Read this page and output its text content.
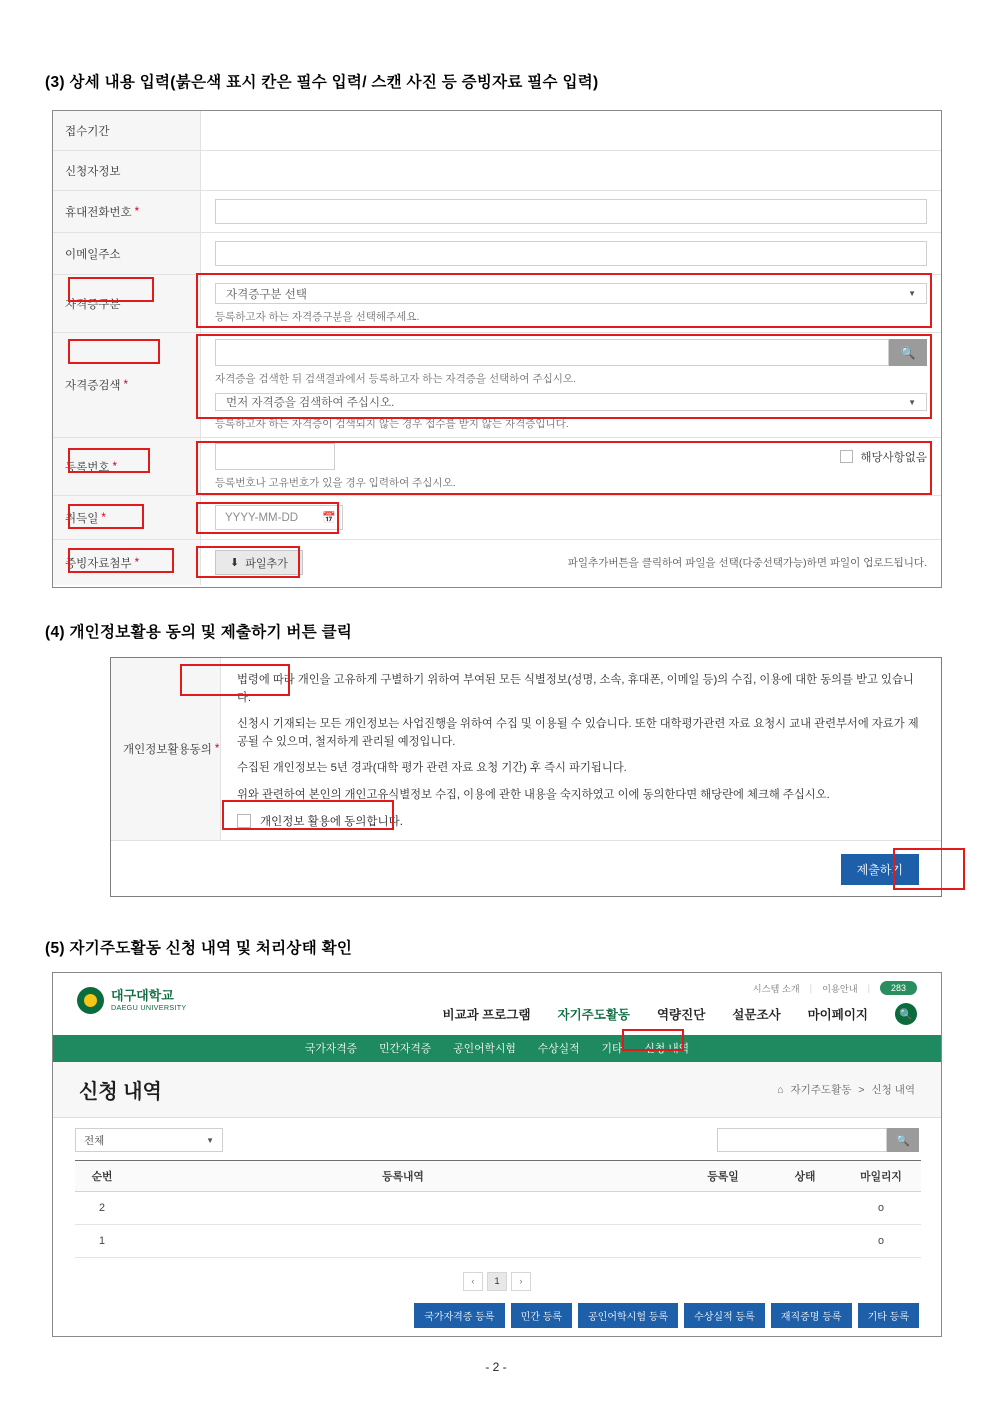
(3) 상세 내용 입력(붉은색 표시 칸은 필수 입력/ 스캔 사진 등 증빙자료 필수 입력)
접수기간
신청자정보
휴대전화번호 *
이메일주소
자격증구분
자격증구분 선택	▼
등록하고자 하는 자격증구분을 선택해주세요.
자격증검색 *
🔍
자격증을 검색한 뒤 검색결과에서 등록하고자 하는 자격증을 선택하여 주십시오.
먼저 자격증을 검색하여 주십시오.	▼
등록하고자 하는 자격증이 검색되지 않는 경우 접수를 받지 않는 자격증입니다.
등록번호 *
해당사항없음
등록번호나 고유번호가 있을 경우 입력하여 주십시오.
취득일 *	YYYY-MM-DD 📅
증빙자료첨부 *	⬇ 파일추가	파일추가버튼을 클릭하여 파일을 선택(다중선택가능)하면 파일이 업로드됩니다.
(4) 개인정보활용 동의 및 제출하기 버튼 클릭
개인정보활용동의 *

법령에 따라 개인을 고유하게 구별하기 위하여 부여된 모든 식별정보(성명, 소속, 휴대폰, 이메일 등)의 수집, 이용에 대한 동의를 받고 있습니다.

신청시 기재되는 모든 개인정보는 사업진행을 위하여 수집 및 이용될 수 있습니다. 또한 대학평가관련 자료 요청시 교내 관련부서에 자료가 제공될 수 있으며, 철저하게 관리될 예정입니다.

수집된 개인정보는 5년 경과(대학 평가 관련 자료 요청 기간) 후 즉시 파기됩니다.

위와 관련하여 본인의 개인고유식별정보 수집, 이용에 관한 내용을 숙지하였고 이에 동의한다면 해당란에 체크해 주십시오.

개인정보 활용에 동의합니다.
제출하기
(5) 자기주도활동 신청 내역 및 처리상태 확인
대구대학교
DAEGU UNIVERSITY
시스템 소개 | 이용안내 |	283
비교과 프로그램 자기주도활동 역량진단 설문조사 마이페이지	🔍
국가자격증 민간자격증 공인어학시험 수상실적 기타 신청 내역
신청 내역	⌂ 자기주도활동 > 신청 내역
전체	▼	🔍
순번	등록내역	등록일	상태	마일리지
2				o
1				o
‹	1	›
국가자격증 등록	민간 등록	공인어학시험 등록	수상실적 등록	재직증명 등록	기타 등록
- 2 -
